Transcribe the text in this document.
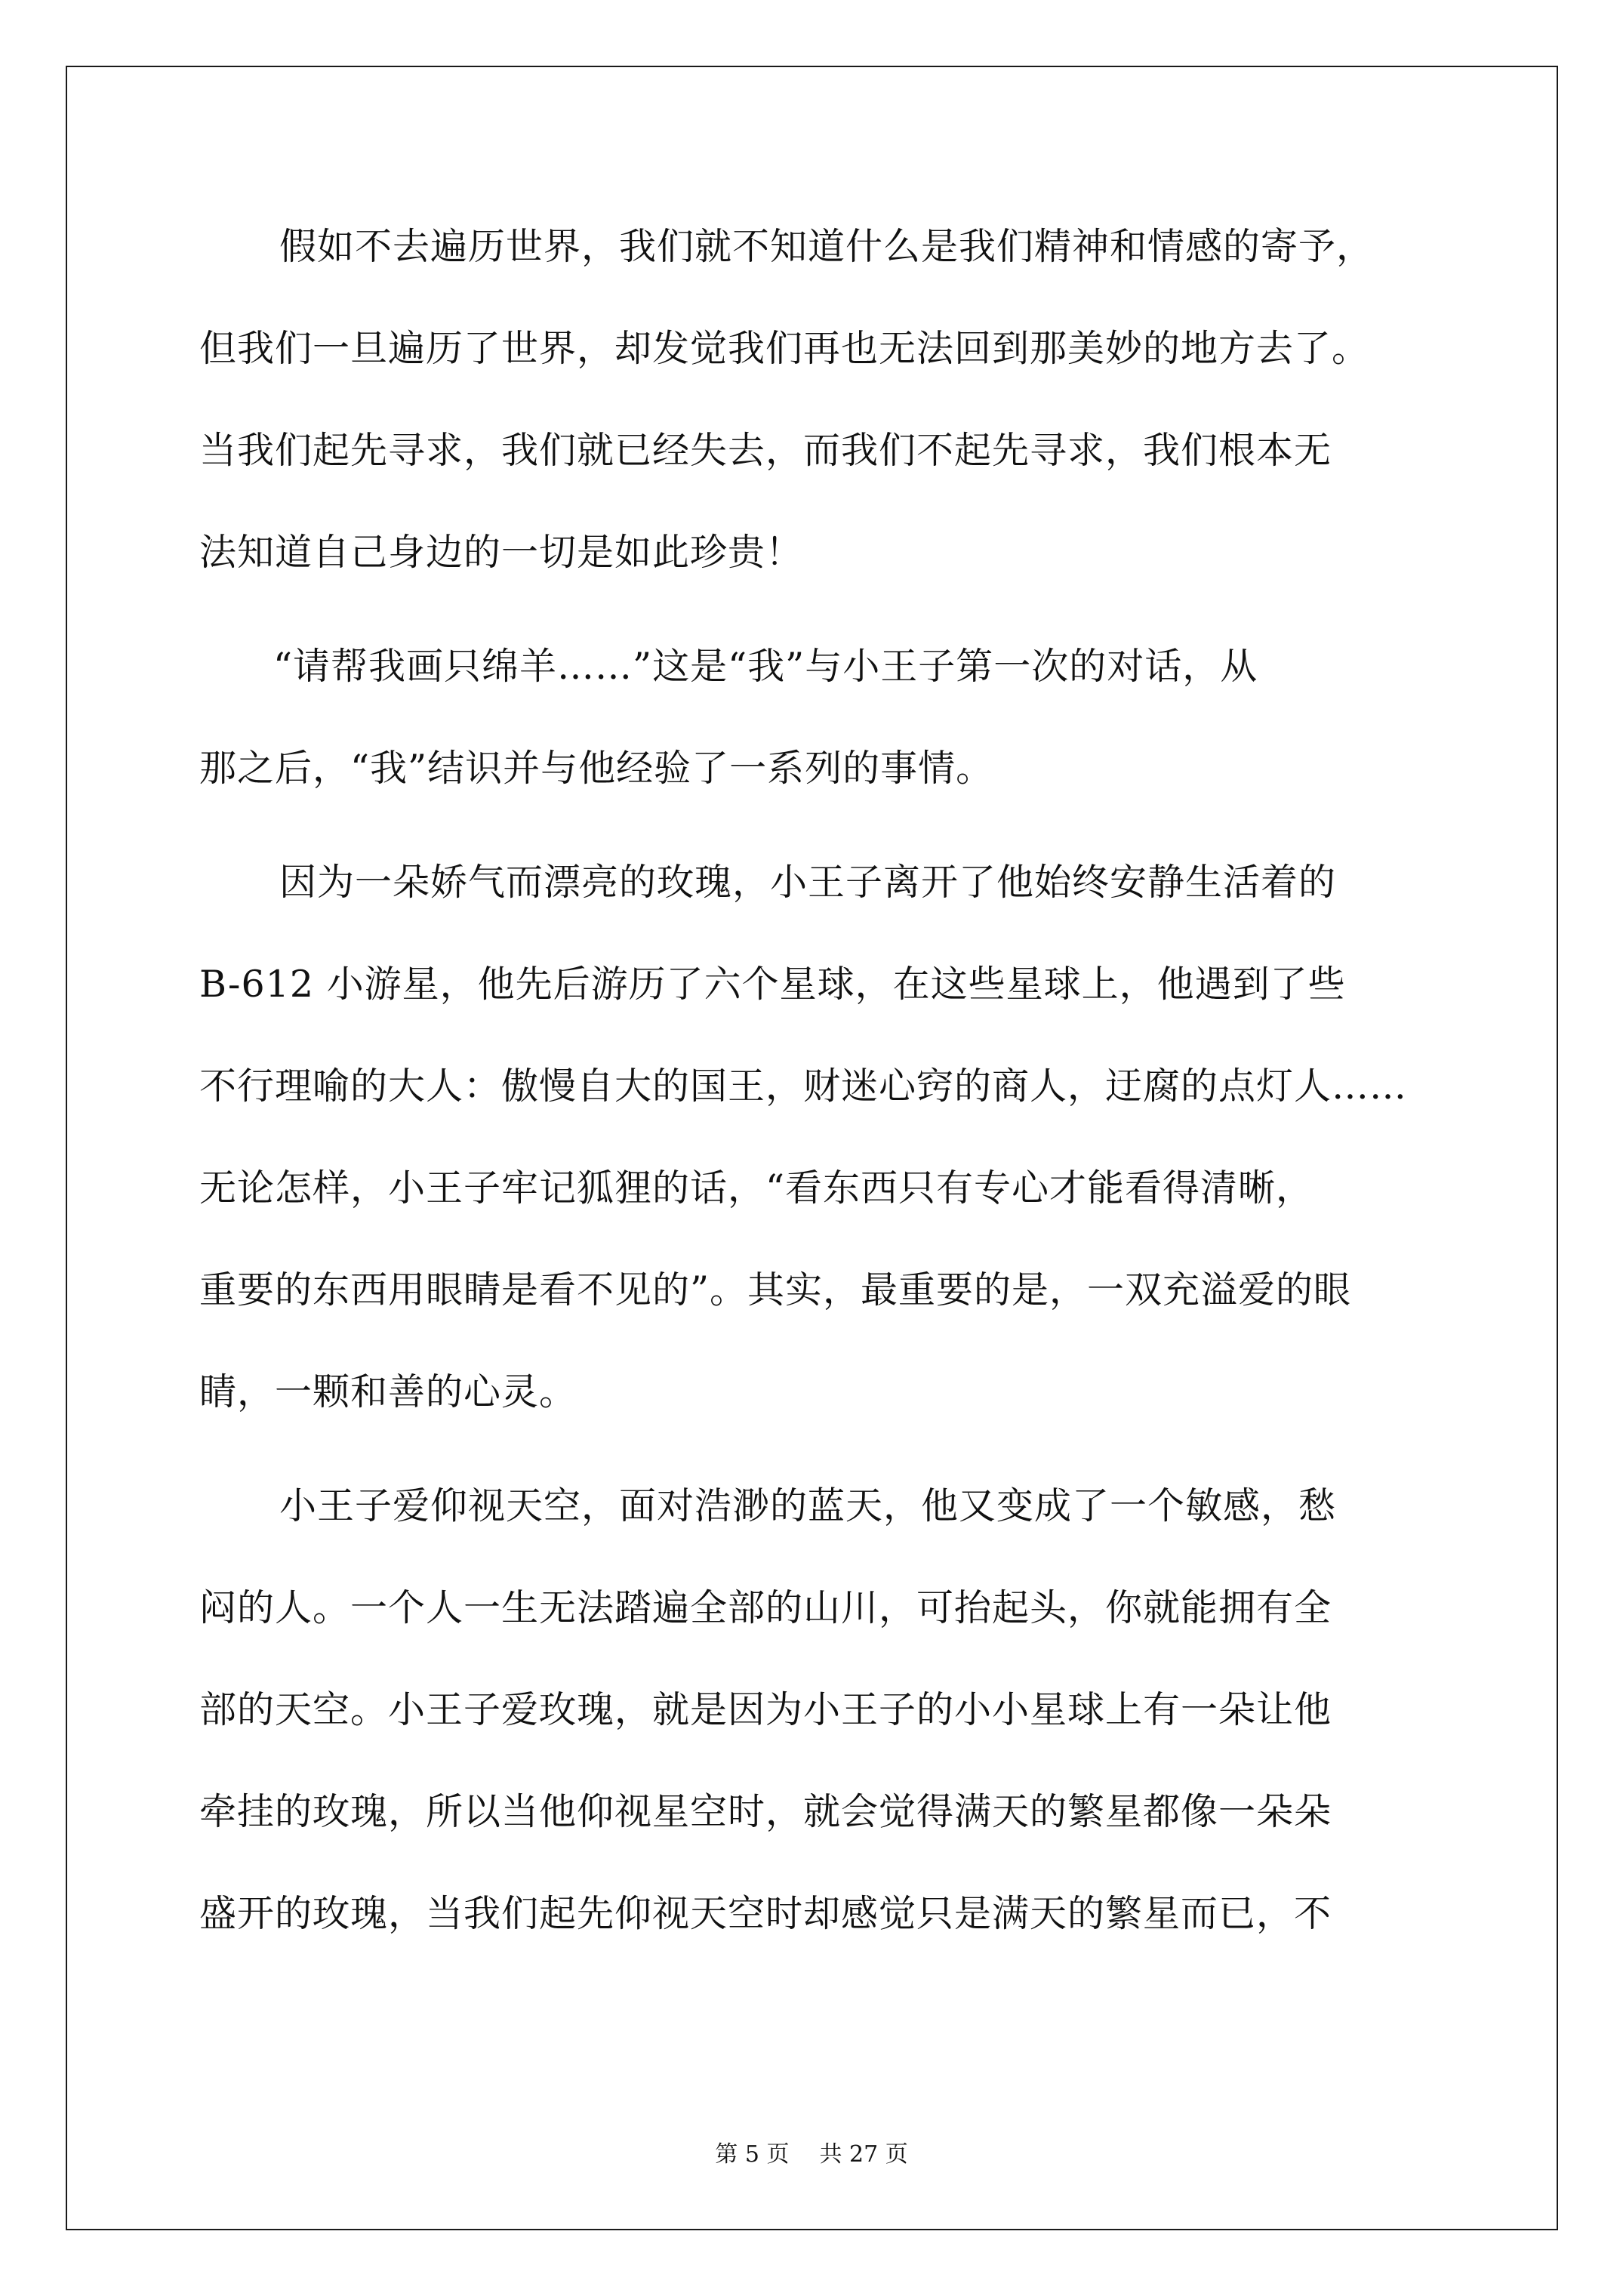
假如不去遍历世界，我们就不知道什么是我们精神和情感的寄予，
但我们一旦遍历了世界，却发觉我们再也无法回到那美妙的地方去了。
当我们起先寻求，我们就已经失去，而我们不起先寻求，我们根本无
法知道自己身边的一切是如此珍贵！
“请帮我画只绵羊……”这是“我”与小王子第一次的对话，从
那之后，“我”结识并与他经验了一系列的事情。
因为一朵娇气而漂亮的玫瑰，小王子离开了他始终安静生活着的
B-612 小游星，他先后游历了六个星球，在这些星球上，他遇到了些
不行理喻的大人：傲慢自大的国王，财迷心窍的商人，迂腐的点灯人……
无论怎样，小王子牢记狐狸的话，“看东西只有专心才能看得清晰，
重要的东西用眼睛是看不见的”。其实，最重要的是，一双充溢爱的眼
睛，一颗和善的心灵。
小王子爱仰视天空，面对浩渺的蓝天，他又变成了一个敏感，愁
闷的人。一个人一生无法踏遍全部的山川，可抬起头，你就能拥有全
部的天空。小王子爱玫瑰，就是因为小王子的小小星球上有一朵让他
牵挂的玫瑰，所以当他仰视星空时，就会觉得满天的繁星都像一朵朵
盛开的玫瑰，当我们起先仰视天空时却感觉只是满天的繁星而已，不
第 5 页 共 27 页
